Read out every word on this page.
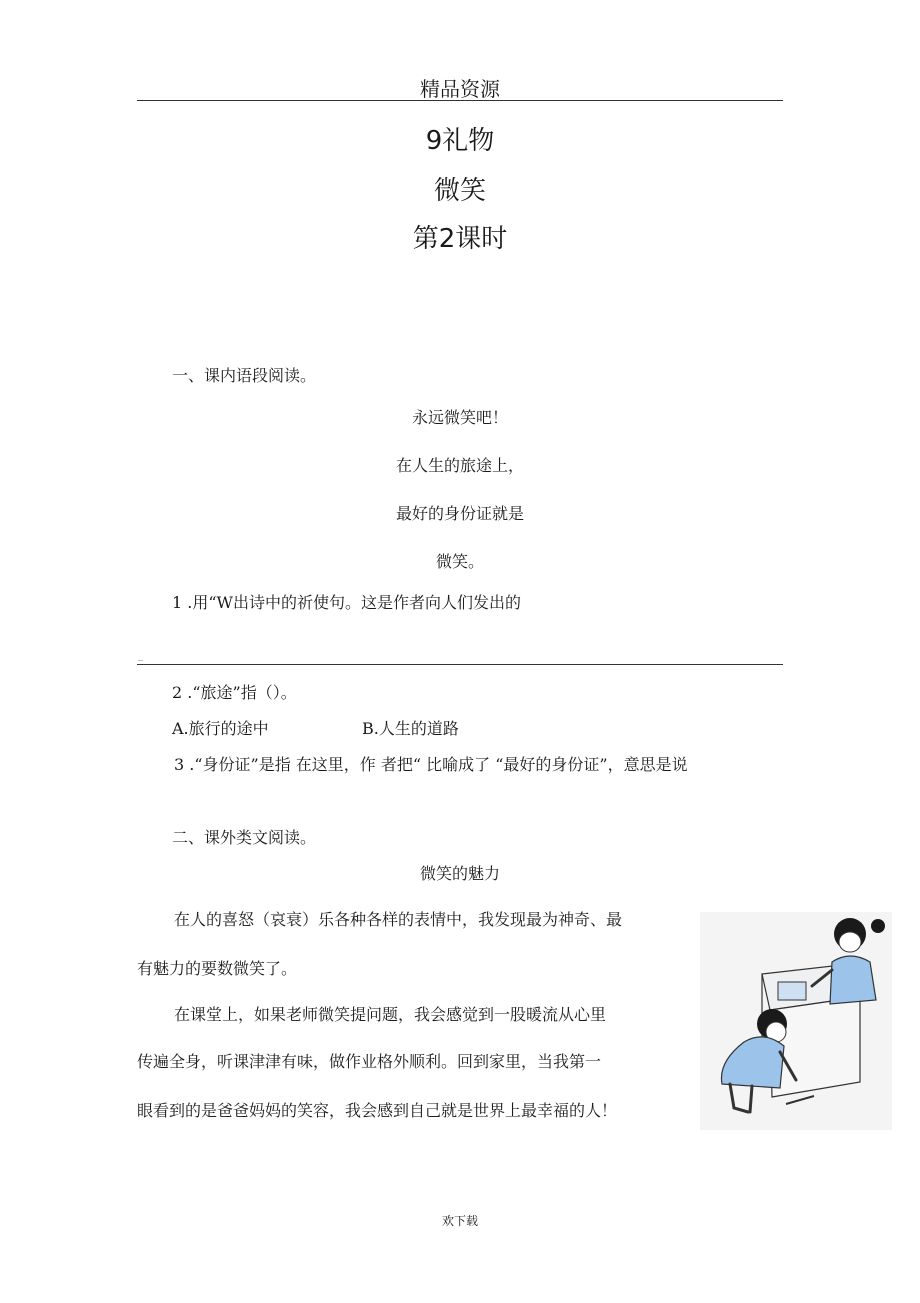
精品资源
9礼物
微笑
第2课时
一、课内语段阅读。
永远微笑吧！
在人生的旅途上，
最好的身份证就是
微笑。
1 .用“W出诗中的祈使句。这是作者向人们发出的
_
2 .“旅途”指（）。
A.旅行的途中	B.人生的道路
3 .“身份证”是指 在这里，作 者把“ 比喻成了 “最好的身份证”，意思是说
二、课外类文阅读。
微笑的魅力
在人的喜怒（哀衰）乐各种各样的表情中，我发现最为神奇、最
有魅力的要数微笑了。
在课堂上，如果老师微笑提问题，我会感觉到一股暖流从心里
传遍全身，听课津津有味，做作业格外顺利。回到家里，当我第一
眼看到的是爸爸妈妈的笑容，我会感到自己就是世界上最幸福的人！
欢下载
